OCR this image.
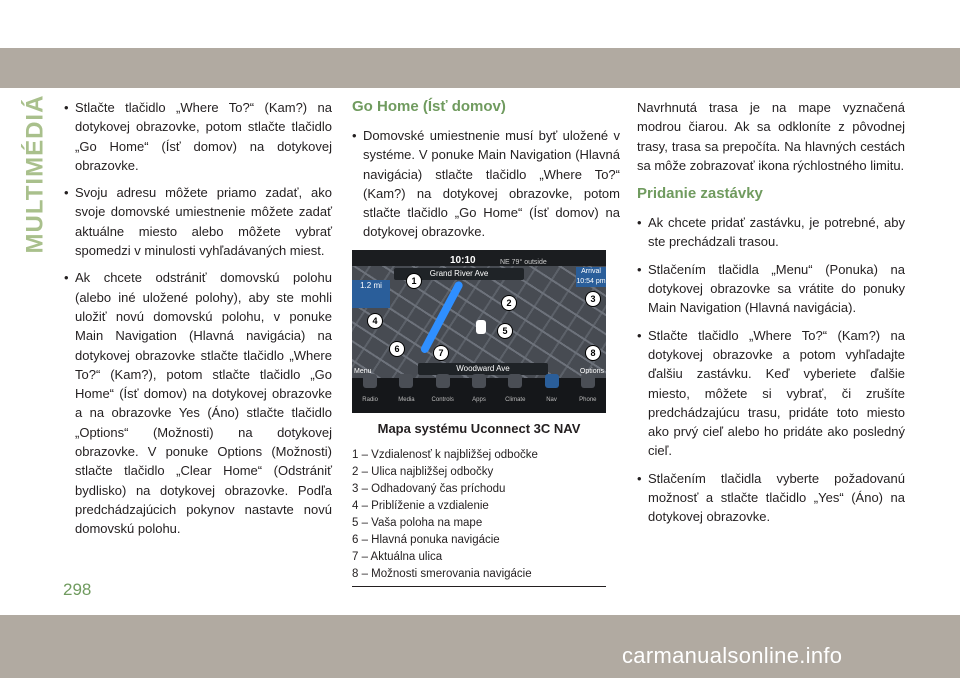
MULTIMÉDIÁ
• Stlačte tlačidlo „Where To?“ (Kam?) na dotykovej obrazovke, potom stlačte tlačidlo „Go Home“ (Ísť domov) na dotykovej obrazovke.
• Svoju adresu môžete priamo zadať, ako svoje domovské umiestnenie môžete zadať aktuálne miesto alebo môžete vybrať spomedzi v minulosti vyhľadávaných miest.
• Ak chcete odstrániť domovskú polohu (alebo iné uložené polohy), aby ste mohli uložiť novú domovskú polohu, v ponuke Main Navigation (Hlavná navigácia) na dotykovej obrazovke stlačte tlačidlo „Where To?“ (Kam?), potom stlačte tlačidlo „Go Home“ (Ísť domov) na dotykovej obrazovke a na obrazovke Yes (Áno) stlačte tlačidlo „Options“ (Možnosti) na dotykovej obrazovke. V ponuke Options (Možnosti) stlačte tlačidlo „Clear Home“ (Odstrániť bydlisko) na dotykovej obrazovke. Podľa predchádzajúcich pokynov nastavte novú domovskú polohu.
Go Home (Ísť domov)
• Domovské umiestnenie musí byť uložené v systéme. V ponuke Main Navigation (Hlavná navigácia) stlačte tlačidlo „Where To?“ (Kam?) na dotykovej obrazovke, potom stlačte tlačidlo „Go Home“ (Ísť domov) na dotykovej obrazovke.
10:10	NE 79° outside
Grand River Ave
1.2 mi
Arrival 10:54 pm
Woodward Ave
Menu	Options
1
2	3
4
5
6	7	8
Radio	Media	Controls	Apps	Climate	Nav	Phone
Mapa systému Uconnect 3C NAV
1 – Vzdialenosť k najbližšej odbočke
2 – Ulica najbližšej odbočky
3 – Odhadovaný čas príchodu
4 – Priblíženie a vzdialenie
5 – Vaša poloha na mape
6 – Hlavná ponuka navigácie
7 – Aktuálna ulica
8 – Možnosti smerovania navigácie

Navrhnutá trasa je na mape vyznačená modrou čiarou. Ak sa odkloníte z pôvodnej trasy, trasa sa prepočíta. Na hlavných cestách sa môže zobrazovať ikona rýchlostného limitu.

Pridanie zastávky
• Ak chcete pridať zastávku, je potrebné, aby ste prechádzali trasou.
• Stlačením tlačidla „Menu“ (Ponuka) na dotykovej obrazovke sa vrátite do ponuky Main Navigation (Hlavná navigácia).
• Stlačte tlačidlo „Where To?“ (Kam?) na dotykovej obrazovke a potom vyhľadajte ďalšiu zastávku. Keď vyberiete ďalšie miesto, môžete si vybrať, či zrušíte predchádzajúcu trasu, pridáte toto miesto ako prvý cieľ alebo ho pridáte ako posledný cieľ.
• Stlačením tlačidla vyberte požadovanú možnosť a stlačte tlačidlo „Yes“ (Áno) na dotykovej obrazovke.
298
carmanualsonline.info
